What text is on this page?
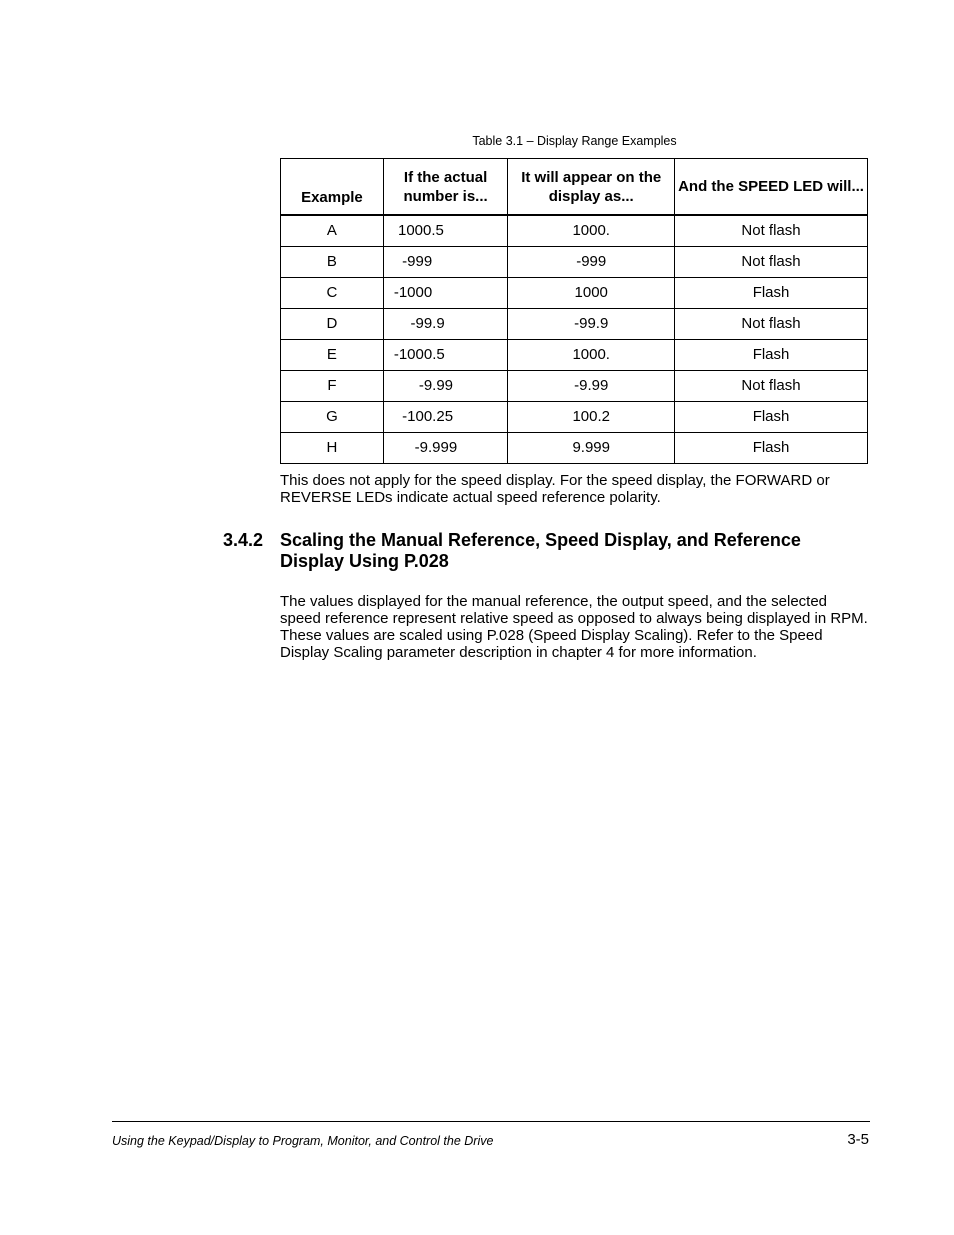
Table 3.1 – Display Range Examples
Example	If the actual number is...	It will appear on the display as...	And the SPEED LED will...
A	1000.5	1000.	Not flash
B	-999	-999	Not flash
C	-1000	1000	Flash
D	-99.9	-99.9	Not flash
E	-1000.5	1000.	Flash
F	-9.99	-9.99	Not flash
G	-100.25	100.2	Flash
H	-9.999	9.999	Flash

This does not apply for the speed display. For the speed display, the FORWARD or REVERSE LEDs indicate actual speed reference polarity.

3.4.2 Scaling the Manual Reference, Speed Display, and Reference Display Using P.028

The values displayed for the manual reference, the output speed, and the selected speed reference represent relative speed as opposed to always being displayed in RPM. These values are scaled using P.028 (Speed Display Scaling). Refer to the Speed Display Scaling parameter description in chapter 4 for more information.

Using the Keypad/Display to Program, Monitor, and Control the Drive	3-5
